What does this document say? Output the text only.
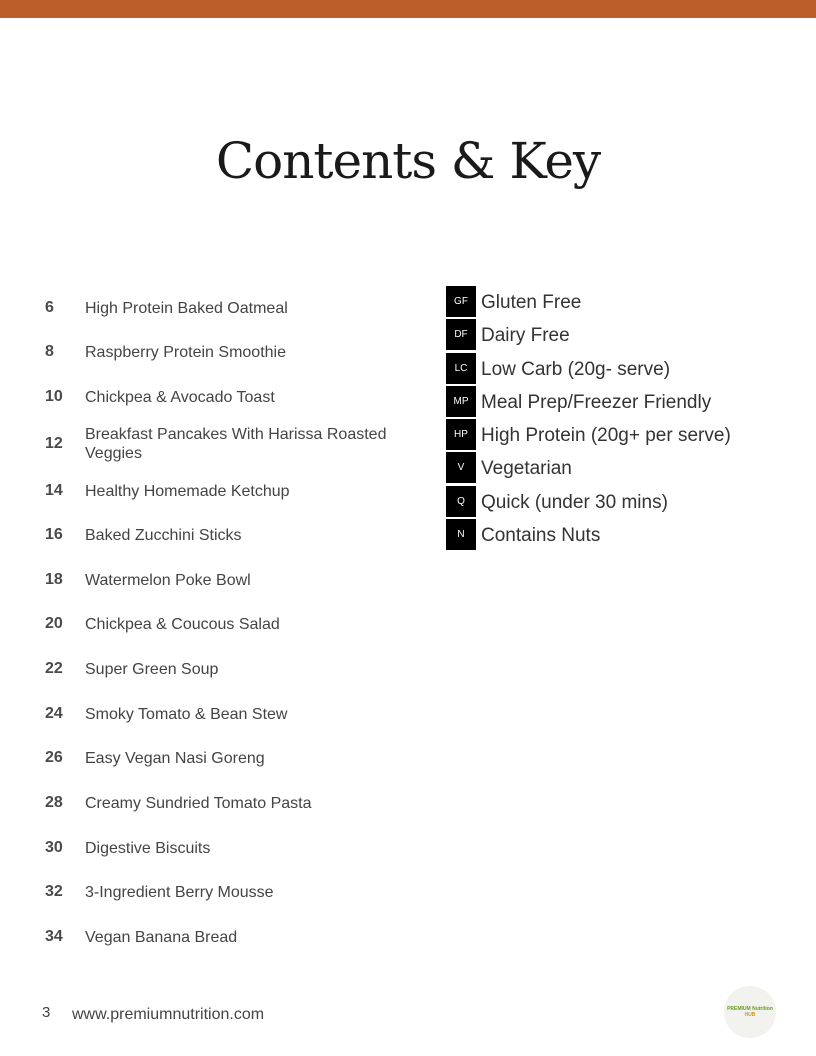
Contents & Key
6 High Protein Baked Oatmeal
8 Raspberry Protein Smoothie
10 Chickpea & Avocado Toast
12
Breakfast Pancakes With Harissa Roasted Veggies
14 Healthy Homemade Ketchup
16 Baked Zucchini Sticks
18 Watermelon Poke Bowl
20 Chickpea & Coucous Salad
22 Super Green Soup
24 Smoky Tomato & Bean Stew
26 Easy Vegan Nasi Goreng
28 Creamy Sundried Tomato Pasta
30 Digestive Biscuits
32 3-Ingredient Berry Mousse
34 Vegan Banana Bread
GF Gluten Free
DF Dairy Free
LC Low Carb (20g- serve)
MP Meal Prep/Freezer Friendly
HP High Protein (20g+ per serve)
V Vegetarian
Q Quick (under 30 mins)
N Contains Nuts
3 www.premiumnutrition.com	PREMIUM Nutrition
HUB
